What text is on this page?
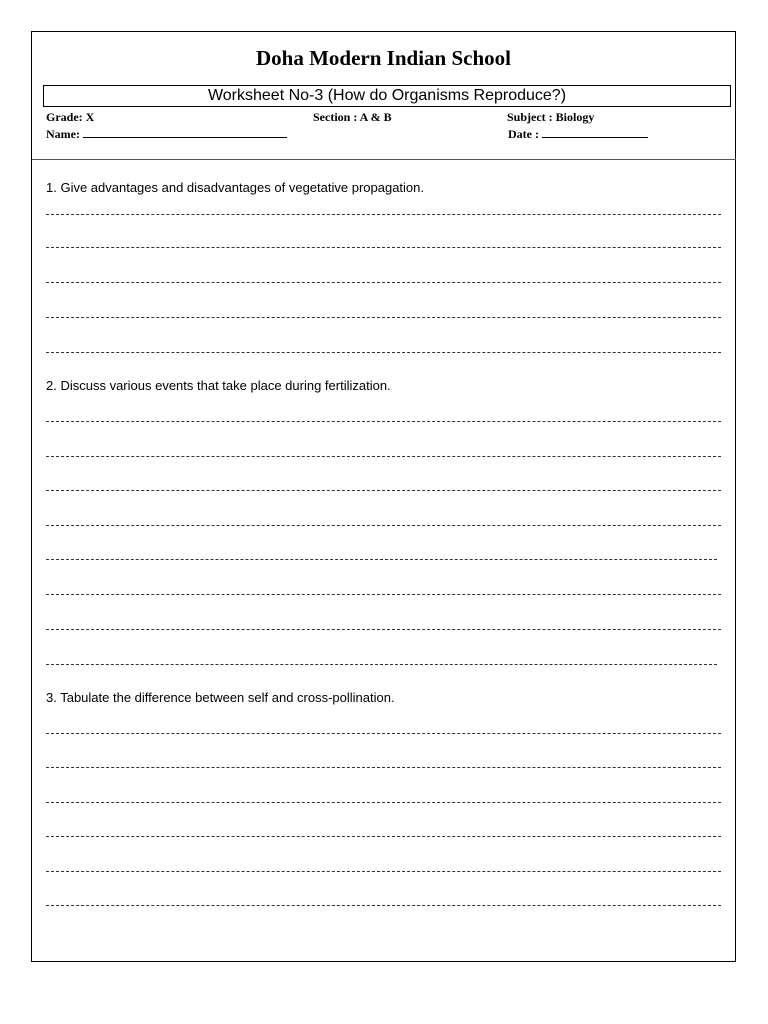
Doha Modern Indian School
Worksheet No-3 (How do Organisms Reproduce?)
Grade: X	Section : A & B	Subject : Biology
Name:	Date :
1. Give advantages and disadvantages of vegetative propagation.
2. Discuss various events that take place during fertilization.
3. Tabulate the difference between self and cross-pollination.
